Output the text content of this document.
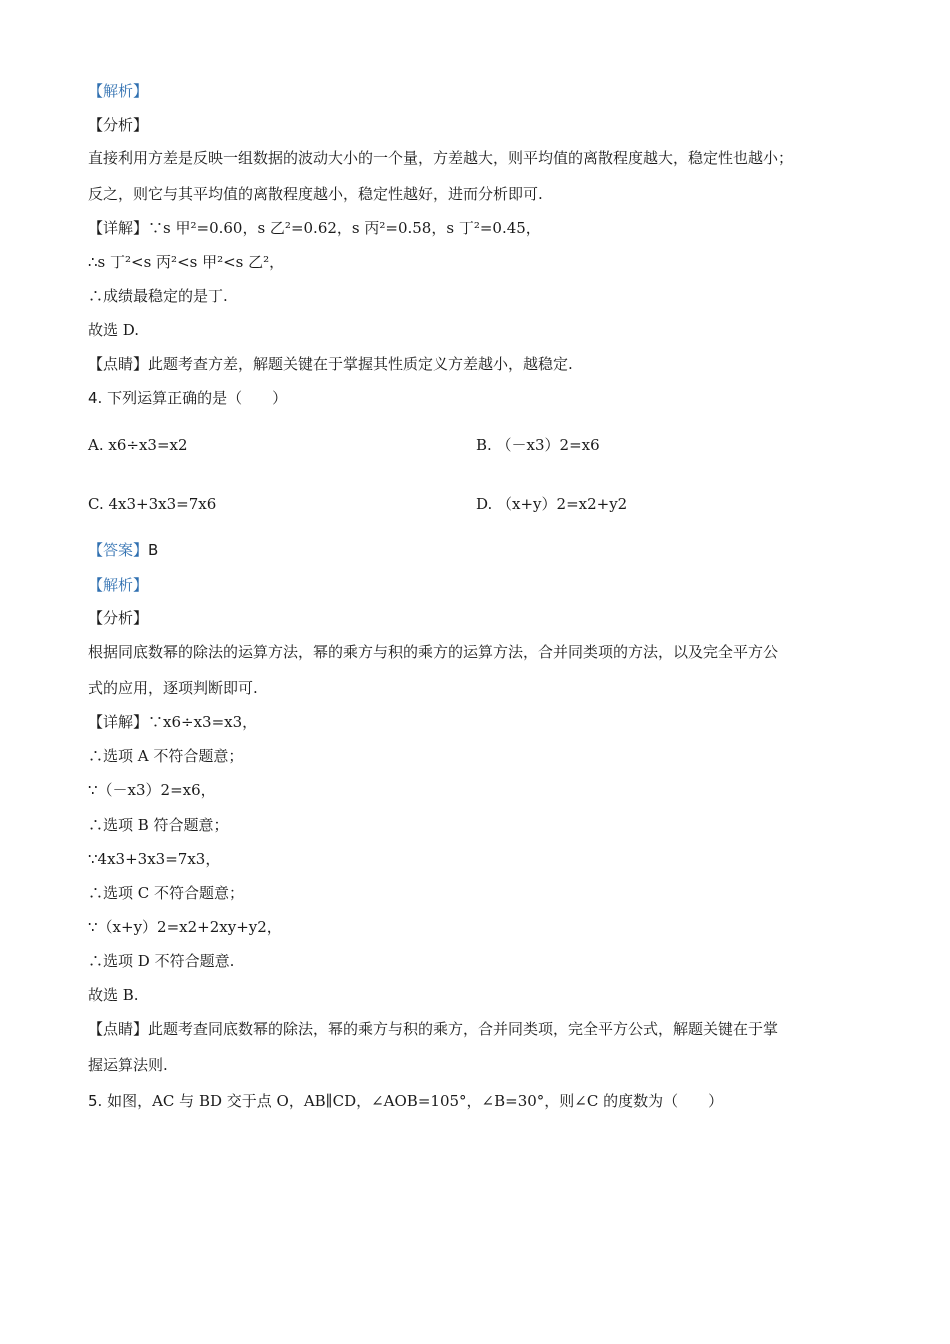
【解析】
【分析】
直接利用方差是反映一组数据的波动大小的一个量，方差越大，则平均值的离散程度越大，稳定性也越小；
反之，则它与其平均值的离散程度越小，稳定性越好，进而分析即可.
【详解】∵s 甲²=0.60，s 乙²=0.62，s 丙²=0.58，s 丁²=0.45，
∴s 丁²<s 丙²<s 甲²<s 乙²，
∴成绩最稳定的是丁.
故选 D.
【点睛】此题考查方差，解题关键在于掌握其性质定义方差越小，越稳定.
4. 下列运算正确的是（　　）
A. x6÷x3=x2	B. （－x3）2=x6
C. 4x3+3x3=7x6	D. （x+y）2=x2+y2
【答案】B
【解析】
【分析】
根据同底数幂的除法的运算方法，幂的乘方与积的乘方的运算方法，合并同类项的方法，以及完全平方公
式的应用，逐项判断即可.
【详解】∵x6÷x3=x3，
∴选项 A 不符合题意；
∵（－x3）2=x6，
∴选项 B 符合题意；
∵4x3+3x3=7x3，
∴选项 C 不符合题意；
∵（x+y）2=x2+2xy+y2，
∴选项 D 不符合题意.
故选 B.
【点睛】此题考查同底数幂的除法，幂的乘方与积的乘方，合并同类项，完全平方公式，解题关键在于掌
握运算法则.
5. 如图，AC 与 BD 交于点 O，AB∥CD，∠AOB=105°，∠B=30°，则∠C 的度数为（　　）
